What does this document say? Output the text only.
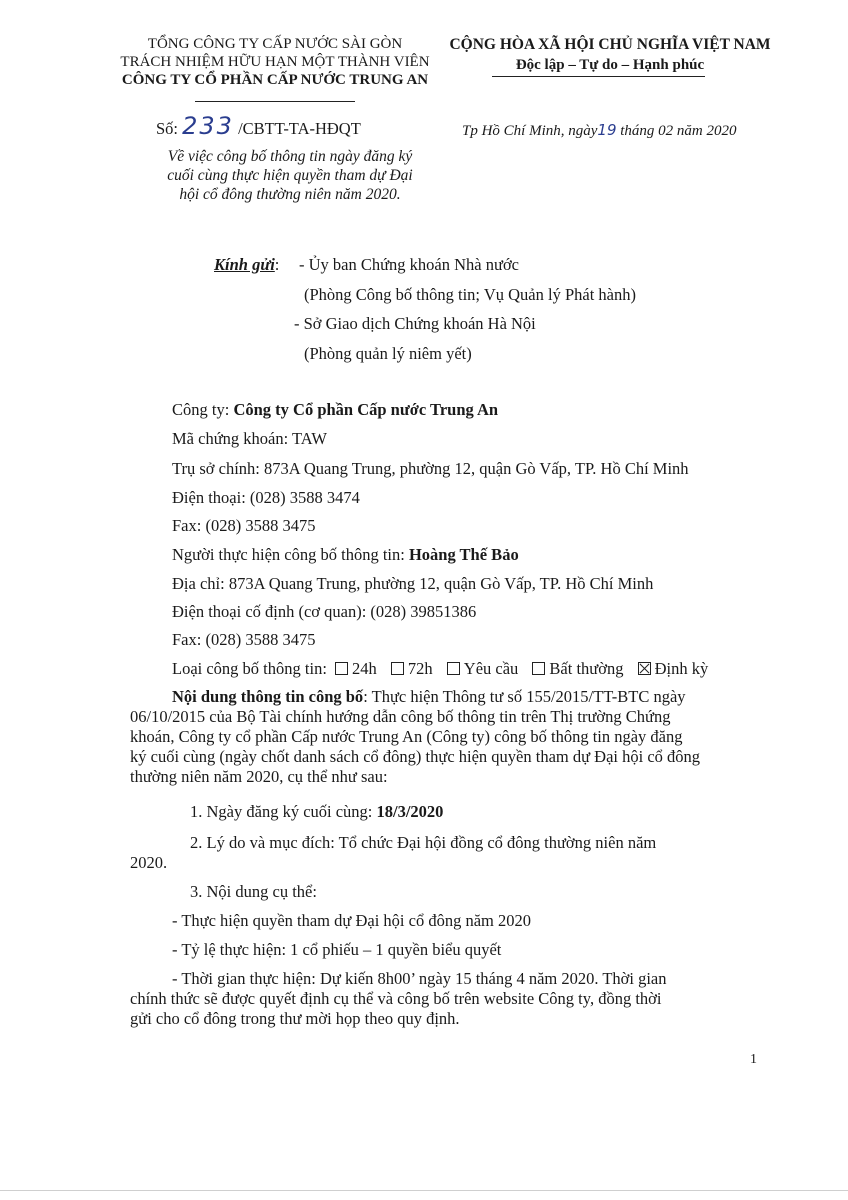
TỔNG CÔNG TY CẤP NƯỚC SÀI GÒN
TRÁCH NHIỆM HỮU HẠN MỘT THÀNH VIÊN
CÔNG TY CỔ PHẦN CẤP NƯỚC TRUNG AN
CỘNG HÒA XÃ HỘI CHỦ NGHĨA VIỆT NAM
Độc lập – Tự do – Hạnh phúc
Số: 233 /CBTT-TA-HĐQT	Tp Hồ Chí Minh, ngày19 tháng 02 năm 2020
Về việc công bố thông tin ngày đăng ký
cuối cùng thực hiện quyền tham dự Đại
hội cổ đông thường niên năm 2020.
Kính gửi: - Ủy ban Chứng khoán Nhà nước
(Phòng Công bố thông tin; Vụ Quản lý Phát hành)
- Sở Giao dịch Chứng khoán Hà Nội
(Phòng quản lý niêm yết)
Công ty: Công ty Cổ phần Cấp nước Trung An
Mã chứng khoán: TAW
Trụ sở chính: 873A Quang Trung, phường 12, quận Gò Vấp, TP. Hồ Chí Minh
Điện thoại: (028) 3588 3474
Fax: (028) 3588 3475
Người thực hiện công bố thông tin: Hoàng Thế Bảo
Địa chỉ: 873A Quang Trung, phường 12, quận Gò Vấp, TP. Hồ Chí Minh
Điện thoại cố định (cơ quan): (028) 39851386
Fax: (028) 3588 3475
Loại công bố thông tin: 24h 72h Yêu cầu Bất thường Định kỳ
Nội dung thông tin công bố: Thực hiện Thông tư số 155/2015/TT-BTC ngày
06/10/2015 của Bộ Tài chính hướng dẫn công bố thông tin trên Thị trường Chứng
khoán, Công ty cổ phần Cấp nước Trung An (Công ty) công bố thông tin ngày đăng
ký cuối cùng (ngày chốt danh sách cổ đông) thực hiện quyền tham dự Đại hội cổ đông
thường niên năm 2020, cụ thể như sau:
1. Ngày đăng ký cuối cùng: 18/3/2020
2. Lý do và mục đích: Tổ chức Đại hội đồng cổ đông thường niên năm
2020.
3. Nội dung cụ thể:
- Thực hiện quyền tham dự Đại hội cổ đông năm 2020
- Tỷ lệ thực hiện: 1 cổ phiếu – 1 quyền biểu quyết
- Thời gian thực hiện: Dự kiến 8h00’ ngày 15 tháng 4 năm 2020. Thời gian
chính thức sẽ được quyết định cụ thể và công bố trên website Công ty, đồng thời
gửi cho cổ đông trong thư mời họp theo quy định.
1
